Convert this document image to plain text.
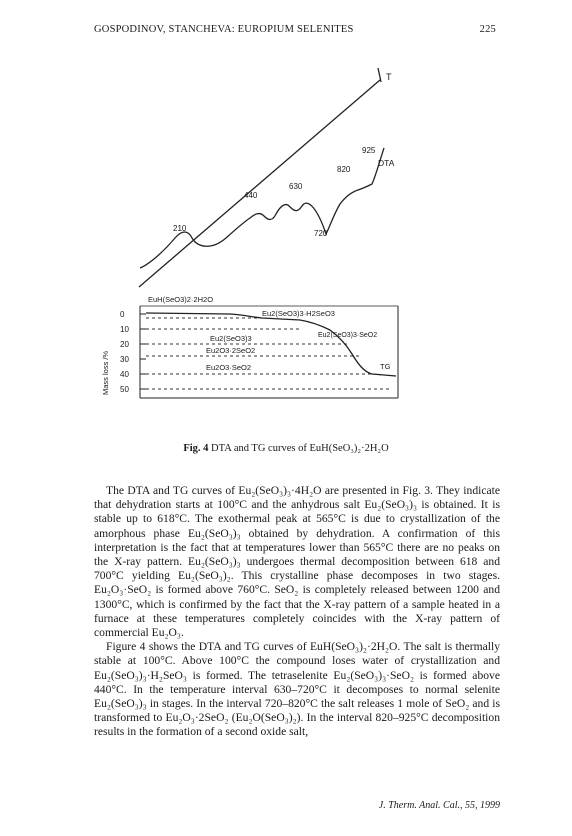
GOSPODINOV, STANCHEVA: EUROPIUM SELENITES	225
T
DTA
210
440
630
720
820
925
0
10
20
30
40
50
Mass loss /%	TG
EuH(SeO3)2·2H2O
Eu2(SeO3)3·H2SeO3
Eu2(SeO3)3·SeO2
Eu2(SeO3)3
Eu2O3·2SeO2
Eu2O3·SeO2
Fig. 4 DTA and TG curves of EuH(SeO₃)₂·2H₂O

The DTA and TG curves of Eu₂(SeO₃)₃·4H₂O are presented in Fig. 3. They indicate that dehydration starts at 100°C and the anhydrous salt Eu₂(SeO₃)₃ is obtained. It is stable up to 618°C. The exothermal peak at 565°C is due to crystallization of the amorphous phase Eu₂(SeO₃)₃ obtained by dehydration. A confirmation of this interpretation is the fact that at temperatures lower than 565°C there are no peaks on the X-ray pattern. Eu₂(SeO₃)₃ undergoes thermal decomposition between 618 and 700°C yielding Eu₂(SeO₃)₂. This crystalline phase decomposes in two stages. Eu₂O₃·SeO₂ is formed above 760°C. SeO₂ is completely released between 1200 and 1300°C, which is confirmed by the fact that the X-ray pattern of a sample heated in a furnace at these temperatures completely coincides with the X-ray pattern of commercial Eu₂O₃.

Figure 4 shows the DTA and TG curves of EuH(SeO₃)₂·2H₂O. The salt is thermally stable at 100°C. Above 100°C the compound loses water of crystallization and Eu₂(SeO₃)₃·H₂SeO₃ is formed. The tetraselenite Eu₂(SeO₃)₃·SeO₂ is formed above 440°C. In the temperature interval 630–720°C it decomposes to normal selenite Eu₂(SeO₃)₃ in stages. In the interval 720–820°C the salt releases 1 mole of SeO₂ and is transformed to Eu₂O₃·2SeO₂ (Eu₂O(SeO₃)₂). In the interval 820–925°C decomposition results in the formation of a second oxide salt,

J. Therm. Anal. Cal., 55, 1999
